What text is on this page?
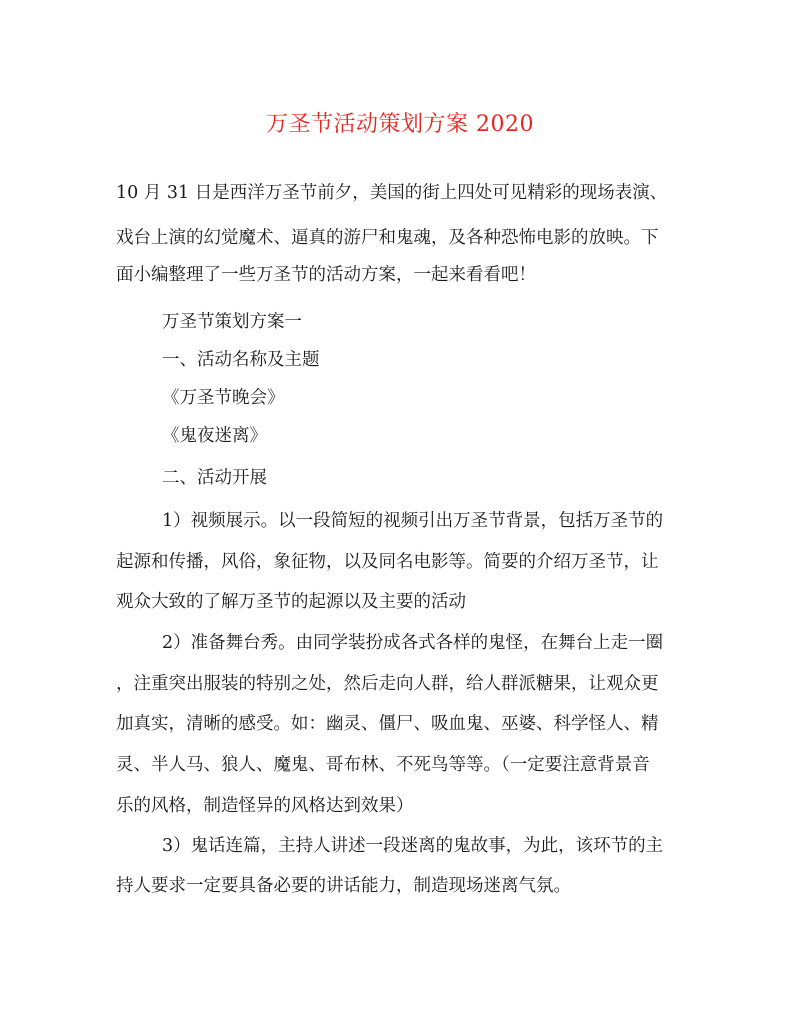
万圣节活动策划方案 2020
10 月 31 日是西洋万圣节前夕，美国的街上四处可见精彩的现场表演、
戏台上演的幻觉魔术、逼真的游尸和鬼魂，及各种恐怖电影的放映。下
面小编整理了一些万圣节的活动方案，一起来看看吧！
万圣节策划方案一
一、活动名称及主题
《万圣节晚会》
《鬼夜迷离》
二、活动开展
1）视频展示。以一段简短的视频引出万圣节背景，包括万圣节的
起源和传播，风俗，象征物，以及同名电影等。简要的介绍万圣节，让
观众大致的了解万圣节的起源以及主要的活动
2）准备舞台秀。由同学装扮成各式各样的鬼怪，在舞台上走一圈
，注重突出服装的特别之处，然后走向人群，给人群派糖果，让观众更
加真实，清晰的感受。如：幽灵、僵尸、吸血鬼、巫婆、科学怪人、精
灵、半人马、狼人、魔鬼、哥布林、不死鸟等等。（一定要注意背景音
乐的风格，制造怪异的风格达到效果）
3）鬼话连篇，主持人讲述一段迷离的鬼故事，为此，该环节的主
持人要求一定要具备必要的讲话能力，制造现场迷离气氛。
